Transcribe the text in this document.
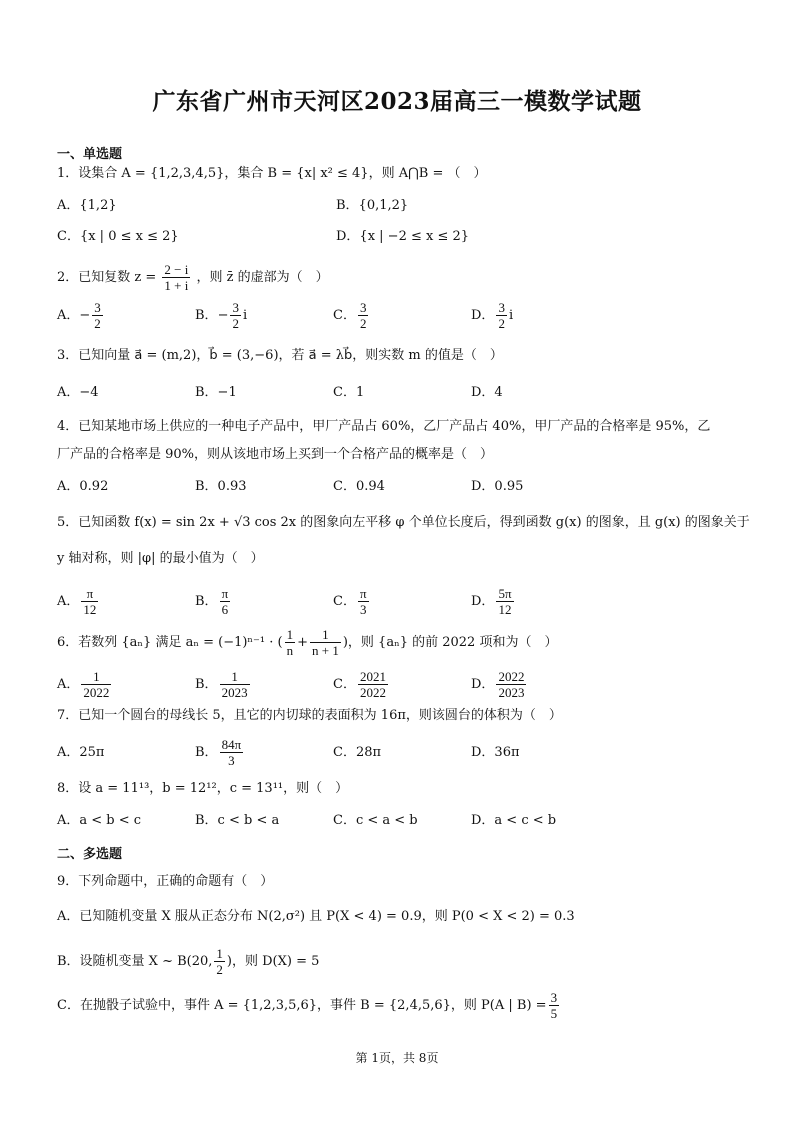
广东省广州市天河区2023届高三一模数学试题
一、单选题
1．设集合 A = {1,2,3,4,5}，集合 B = {x| x² ≤ 4}，则 A⋂B = （　）
A．{1,2}	B．{0,1,2}
C．{x | 0 ≤ x ≤ 2}	D．{x | −2 ≤ x ≤ 2}
2．已知复数 $z = \frac{2 - i}{1 + i}$ ，则 z̄ 的虚部为（　）
A．− $\frac{3}{2}$	B．− $\frac{3}{2}$ i	C． $\frac{3}{2}$	D． $\frac{3}{2}$ i
3．已知向量 a⃗ = (m,2)，b⃗ = (3,−6)，若 a⃗ = λb⃗，则实数 m 的值是（　）
A．−4	B．−1	C．1	D．4
4．已知某地市场上供应的一种电子产品中，甲厂产品占 60%，乙厂产品占 40%，甲厂产品的合格率是 95%，乙
厂产品的合格率是 90%，则从该地市场上买到一个合格产品的概率是（　）
A．0.92	B．0.93	C．0.94	D．0.95
5．已知函数 f(x) = sin 2x + √3 cos 2x 的图象向左平移 φ 个单位长度后，得到函数 g(x) 的图象，且 g(x) 的图象关于
y 轴对称，则 |φ| 的最小值为（　）
A． $\frac{\pi}{12}$	B． $\frac{\pi}{6}$	C． $\frac{\pi}{3}$	D． $\frac{5\pi}{12}$
6．若数列 {aₙ} 满足 aₙ = (−1)ⁿ⁻¹ · ( $\frac{1}{n} + \frac{1}{n + 1}$ )，则 {aₙ} 的前 2022 项和为（　）
A． $\frac{1}{2022}$	B． $\frac{1}{2023}$	C． $\frac{2021}{2022}$	D． $\frac{2022}{2023}$
7．已知一个圆台的母线长 5，且它的内切球的表面积为 16π，则该圆台的体积为（　）
A．25π	B． $\frac{84\pi}{3}$	C．28π	D．36π
8．设 a = 11¹³，b = 12¹²，c = 13¹¹，则（　）
A．a < b < c	B．c < b < a	C．c < a < b	D．a < c < b
二、多选题
9．下列命题中，正确的命题有（　）
A．已知随机变量 X 服从正态分布 N(2,σ²) 且 P(X < 4) = 0.9，则 P(0 < X < 2) = 0.3
B．设随机变量 X ~ B(20, $\frac{1}{2}$ )，则 D(X) = 5
C．在抛骰子试验中，事件 A = {1,2,3,5,6}，事件 B = {2,4,5,6}，则 P(A | $B) = \frac{3}{5}$
第 1页，共 8页
